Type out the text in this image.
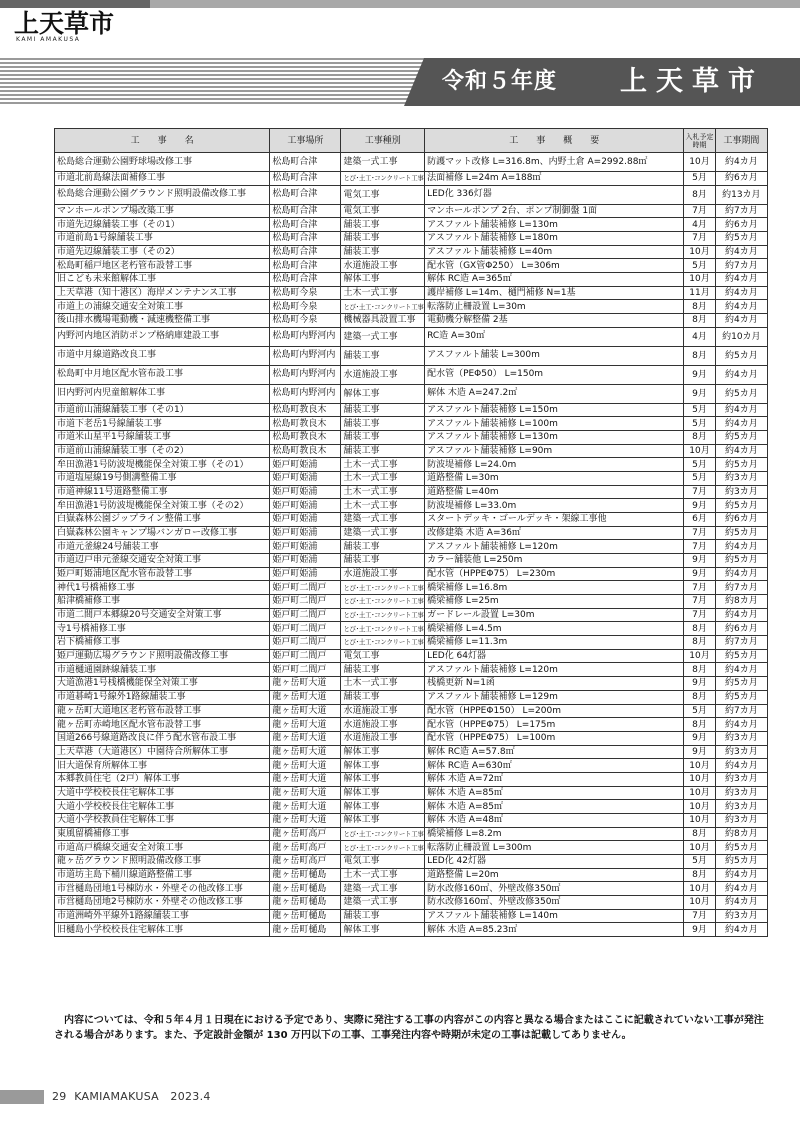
上天草市
KAMI AMAKUSA
令和５年度 上天草市
工　　事　　名	工事場所	工事種別	工　　事　　概　　要	入札予定時期	工事期間
松島総合運動公園野球場改修工事	松島町合津	建築一式工事	防護マット改修 L=316.8m、内野土倉 A=2992.88㎡	10月	約4カ月
市道北前島線法面補修工事	松島町合津	とび･土工･コンクリート工事	法面補修 L=24m A=188㎡	5月	約6カ月
松島総合運動公園グラウンド照明設備改修工事	松島町合津	電気工事	LED化 336灯器	8月	約13カ月
マンホールポンプ場改築工事	松島町合津	電気工事	マンホールポンプ 2台、ポンプ制御盤 1面	7月	約7カ月
市道先辺線舗装工事（その1）	松島町合津	舗装工事	アスファルト舗装補修 L=130m	4月	約6カ月
市道前島1号線舗装工事	松島町合津	舗装工事	アスファルト舗装補修 L=180m	7月	約5カ月
市道先辺線舗装工事（その2）	松島町合津	舗装工事	アスファルト舗装補修 L=40m	10月	約4カ月
松島町稲戸地区老朽管布設替工事	松島町合津	水道施設工事	配水管（GX管Φ250） L=306m	5月	約7カ月
旧こども未来館解体工事	松島町合津	解体工事	解体 RC造 A=365㎡	10月	約4カ月
上天草港（知十港区）海岸メンテナンス工事	松島町今泉	土木一式工事	護岸補修 L=14m、樋門補修 N=1基	11月	約4カ月
市道上の浦線交通安全対策工事	松島町今泉	とび･土工･コンクリート工事	転落防止柵設置 L=30m	8月	約4カ月
後山排水機場電動機・減速機整備工事	松島町今泉	機械器具設置工事	電動機分解整備 2基	8月	約4カ月
内野河内地区消防ポンプ格納庫建設工事	松島町内野河内	建築一式工事	RC造 A=30㎡	4月	約10カ月
市道中月線道路改良工事	松島町内野河内	舗装工事	アスファルト舗装 L=300m	8月	約5カ月
松島町中月地区配水管布設工事	松島町内野河内	水道施設工事	配水管（PEΦ50） L=150m	9月	約4カ月
旧内野河内児童館解体工事	松島町内野河内	解体工事	解体 木造 A=247.2㎡	9月	約5カ月
市道前山浦線舗装工事（その1）	松島町教良木	舗装工事	アスファルト舗装補修 L=150m	5月	約4カ月
市道下老岳1号線舗装工事	松島町教良木	舗装工事	アスファルト舗装補修 L=100m	5月	約4カ月
市道米山星平1号線舗装工事	松島町教良木	舗装工事	アスファルト舗装補修 L=130m	8月	約5カ月
市道前山浦線舗装工事（その2）	松島町教良木	舗装工事	アスファルト舗装補修 L=90m	10月	約4カ月
牟田漁港1号防波堤機能保全対策工事（その1）	姫戸町姫浦	土木一式工事	防波堤補修 L=24.0m	5月	約5カ月
市道塩屋線19号側溝整備工事	姫戸町姫浦	土木一式工事	道路整備 L=30m	5月	約3カ月
市道神線11号道路整備工事	姫戸町姫浦	土木一式工事	道路整備 L=40m	7月	約3カ月
牟田漁港1号防波堤機能保全対策工事（その2）	姫戸町姫浦	土木一式工事	防波堤補修 L=33.0m	9月	約5カ月
白嶽森林公園ジップライン整備工事	姫戸町姫浦	建築一式工事	スタートデッキ・ゴールデッキ・架線工事他	6月	約6カ月
白嶽森林公園キャンプ場バンガロー改修工事	姫戸町姫浦	建築一式工事	改修建築 木造 A=36㎡	7月	約5カ月
市道元釜線24号舗装工事	姫戸町姫浦	舗装工事	アスファルト舗装補修 L=120m	7月	約4カ月
市道辺戸串元釜線交通安全対策工事	姫戸町姫浦	舗装工事	カラー舗装他 L=250m	9月	約5カ月
姫戸町姫浦地区配水管布設替工事	姫戸町姫浦	水道施設工事	配水管（HPPEΦ75） L=230m	9月	約4カ月
神代1号橋補修工事	姫戸町二間戸	とび･土工･コンクリート工事	橋梁補修 L=16.8m	7月	約7カ月
船津橋補修工事	姫戸町二間戸	とび･土工･コンクリート工事	橋梁補修 L=25m	7月	約8カ月
市道二間戸本郷線20号交通安全対策工事	姫戸町二間戸	とび･土工･コンクリート工事	ガードレール設置 L=30m	7月	約4カ月
寺1号橋補修工事	姫戸町二間戸	とび･土工･コンクリート工事	橋梁補修 L=4.5m	8月	約6カ月
岩下橋補修工事	姫戸町二間戸	とび･土工･コンクリート工事	橋梁補修 L=11.3m	8月	約7カ月
姫戸運動広場グラウンド照明設備改修工事	姫戸町二間戸	電気工事	LED化 64灯器	10月	約5カ月
市道樋通園跡線舗装工事	姫戸町二間戸	舗装工事	アスファルト舗装補修 L=120m	8月	約4カ月
大道漁港1号桟橋機能保全対策工事	龍ヶ岳町大道	土木一式工事	桟橋更新 N=1函	9月	約5カ月
市道碁崎1号線外1路線舗装工事	龍ヶ岳町大道	舗装工事	アスファルト舗装補修 L=129m	8月	約5カ月
龍ヶ岳町大道地区老朽管布設替工事	龍ヶ岳町大道	水道施設工事	配水管（HPPEΦ150） L=200m	5月	約7カ月
龍ヶ岳町赤崎地区配水管布設替工事	龍ヶ岳町大道	水道施設工事	配水管（HPPEΦ75） L=175m	8月	約4カ月
国道266号線道路改良に伴う配水管布設工事	龍ヶ岳町大道	水道施設工事	配水管（HPPEΦ75） L=100m	9月	約3カ月
上天草港（大道港区）中園待合所解体工事	龍ヶ岳町大道	解体工事	解体 RC造 A=57.8㎡	9月	約3カ月
旧大道保育所解体工事	龍ヶ岳町大道	解体工事	解体 RC造 A=630㎡	10月	約4カ月
本郷教員住宅（2戸）解体工事	龍ヶ岳町大道	解体工事	解体 木造 A=72㎡	10月	約3カ月
大道中学校校長住宅解体工事	龍ヶ岳町大道	解体工事	解体 木造 A=85㎡	10月	約3カ月
大道小学校校長住宅解体工事	龍ヶ岳町大道	解体工事	解体 木造 A=85㎡	10月	約3カ月
大道小学校教員住宅解体工事	龍ヶ岳町大道	解体工事	解体 木造 A=48㎡	10月	約3カ月
東風留橋補修工事	龍ヶ岳町高戸	とび･土工･コンクリート工事	橋梁補修 L=8.2m	8月	約8カ月
市道高戸橋線交通安全対策工事	龍ヶ岳町高戸	とび･土工･コンクリート工事	転落防止柵設置 L=300m	10月	約5カ月
龍ヶ岳グラウンド照明設備改修工事	龍ヶ岳町高戸	電気工事	LED化 42灯器	5月	約5カ月
市道坊主島下桶川線道路整備工事	龍ヶ岳町樋島	土木一式工事	道路整備 L=20m	8月	約4カ月
市営樋島団地1号棟防水・外壁その他改修工事	龍ヶ岳町樋島	建築一式工事	防水改修160㎡、外壁改修350㎡	10月	約4カ月
市営樋島団地2号棟防水・外壁その他改修工事	龍ヶ岳町樋島	建築一式工事	防水改修160㎡、外壁改修350㎡	10月	約4カ月
市道洲崎外平線外1路線舗装工事	龍ヶ岳町樋島	舗装工事	アスファルト舗装補修 L=140m	7月	約3カ月
旧樋島小学校校長住宅解体工事	龍ヶ岳町樋島	解体工事	解体 木造 A=85.23㎡	9月	約4カ月
内容については、令和５年４月１日現在における予定であり、実際に発注する工事の内容がこの内容と異なる場合またはここに記載されていない工事が発注される場合があります。また、予定設計金額が 130 万円以下の工事、工事発注内容や時期が未定の工事は記載してありません。
29 KAMIAMAKUSA 2023.4
